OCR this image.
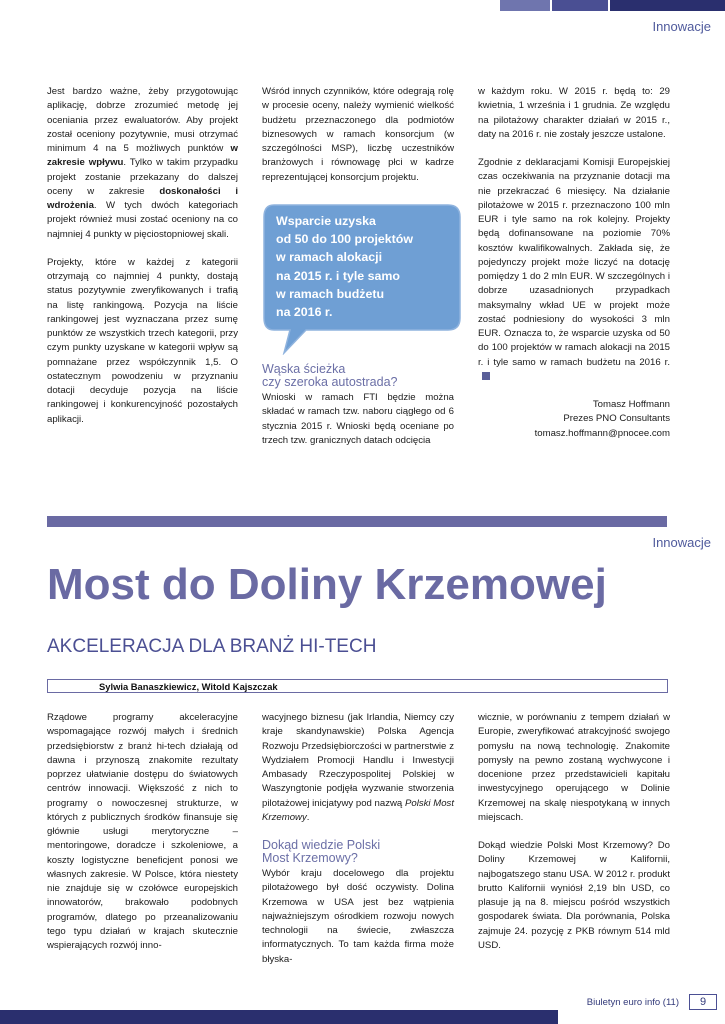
Innowacje

Jest bardzo ważne, żeby przygotowując aplikację, dobrze zrozumieć metodę jej oceniania przez ewaluatorów. Aby projekt został oceniony pozytywnie, musi otrzymać minimum 4 na 5 możliwych punktów w zakresie wpływu. Tylko w takim przypadku projekt zostanie przekazany do dalszej oceny w zakresie doskonałości i wdrożenia. W tych dwóch kategoriach projekt również musi zostać oceniony na co najmniej 4 punkty w pięciostopniowej skali.

Projekty, które w każdej z kategorii otrzymają co najmniej 4 punkty, dostają status pozytywnie zweryfikowanych i trafią na listę rankingową. Pozycja na liście rankingowej jest wyznaczana przez sumę punktów ze wszystkich trzech kategorii, przy czym punkty uzyskane w kategorii wpływ są pomnażane przez współczynnik 1,5. O ostatecznym powodzeniu w przyznaniu dotacji decyduje pozycja na liście rankingowej i konkurencyjność pozostałych aplikacji.

Wśród innych czynników, które odegrają rolę w procesie oceny, należy wymienić wielkość budżetu przeznaczonego dla podmiotów biznesowych w ramach konsorcjum (w szczególności MSP), liczbę uczestników branżowych i równowagę płci w kadrze reprezentującej konsorcjum projektu.

Wsparcie uzyska
od 50 do 100 projektów
w ramach alokacji
na 2015 r. i tyle samo
w ramach budżetu
na 2016 r.
Wąska ścieżka
czy szeroka autostrada?

Wnioski w ramach FTI będzie można składać w ramach tzw. naboru ciągłego od 6 stycznia 2015 r. Wnioski będą oceniane po trzech tzw. granicznych datach odcięcia

w każdym roku. W 2015 r. będą to: 29 kwietnia, 1 września i 1 grudnia. Ze względu na pilotażowy charakter działań w 2015 r., daty na 2016 r. nie zostały jeszcze ustalone.

Zgodnie z deklaracjami Komisji Europejskiej czas oczekiwania na przyznanie dotacji ma nie przekraczać 6 miesięcy. Na działanie pilotażowe w 2015 r. przeznaczono 100 mln EUR i tyle samo na rok kolejny. Projekty będą dofinansowane na poziomie 70% kosztów kwalifikowalnych. Zakłada się, że pojedynczy projekt może liczyć na dotację pomiędzy 1 do 2 mln EUR. W szczególnych i dobrze uzasadnionych przypadkach maksymalny wkład UE w projekt może zostać podniesiony do wysokości 3 mln EUR. Oznacza to, że wsparcie uzyska od 50 do 100 projektów w ramach alokacji na 2015 r. i tyle samo w ramach budżetu na 2016 r.

Tomasz Hoffmann
Prezes PNO Consultants
tomasz.hoffmann@pnocee.com
Innowacje
Most do Doliny Krzemowej
AKCELERACJA DLA BRANŻ HI-TECH
Sylwia Banaszkiewicz, Witold Kajszczak

Rządowe programy akceleracyjne wspomagające rozwój małych i średnich przedsiębiorstw z branż hi-tech działają od dawna i przynoszą znakomite rezultaty poprzez ułatwianie dostępu do światowych centrów innowacji. Większość z nich to programy o nowoczesnej strukturze, w których z publicznych środków finansuje się głównie usługi merytoryczne – mentoringowe, doradcze i szkoleniowe, a koszty logistyczne beneficjent ponosi we własnych zakresie. W Polsce, która niestety nie znajduje się w czołówce europejskich innowatorów, brakowało podobnych programów, dlatego po przeanalizowaniu tego typu działań w krajach skutecznie wspierających rozwój inno-

wacyjnego biznesu (jak Irlandia, Niemcy czy kraje skandynawskie) Polska Agencja Rozwoju Przedsiębiorczości w partnerstwie z Wydziałem Promocji Handlu i Inwestycji Ambasady Rzeczypospolitej Polskiej w Waszyngtonie podjęła wyzwanie stworzenia pilotażowej inicjatywy pod nazwą Polski Most Krzemowy.

Dokąd wiedzie Polski
Most Krzemowy?

Wybór kraju docelowego dla projektu pilotażowego był dość oczywisty. Dolina Krzemowa w USA jest bez wątpienia najważniejszym ośrodkiem rozwoju nowych technologii na świecie, zwłaszcza informatycznych. To tam każda firma może błyska-

wicznie, w porównaniu z tempem działań w Europie, zweryfikować atrakcyjność swojego pomysłu na nową technologię. Znakomite pomysły na pewno zostaną wychwycone i docenione przez przedstawicieli kapitału inwestycyjnego operującego w Dolinie Krzemowej na skalę niespotykaną w innych miejscach.

Dokąd wiedzie Polski Most Krzemowy? Do Doliny Krzemowej w Kalifornii, najbogatszego stanu USA. W 2012 r. produkt brutto Kalifornii wyniósł 2,19 bln USD, co plasuje ją na 8. miejscu pośród wszystkich gospodarek świata. Dla porównania, Polska zajmuje 24. pozycję z PKB równym 514 mld USD.

Biuletyn euro info (11)	9
